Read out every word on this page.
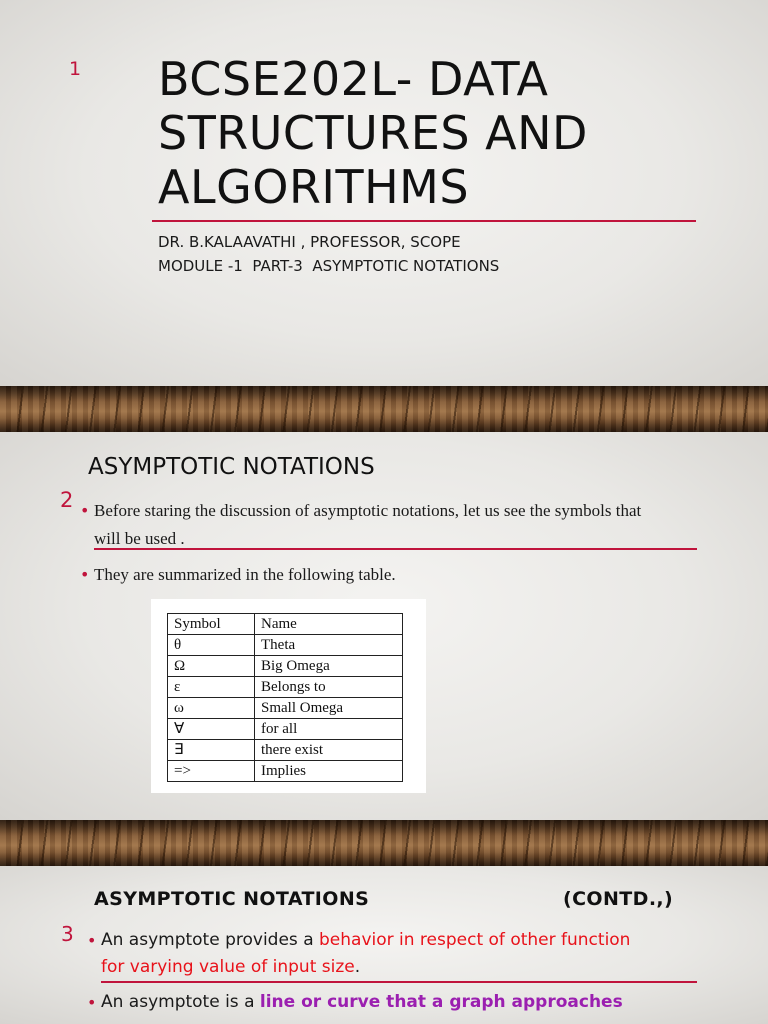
1 BCSE202L- DATA
STRUCTURES AND
ALGORITHMS
DR. B.KALAAVATHI , PROFESSOR, SCOPE
MODULE -1  PART-3  ASYMPTOTIC NOTATIONS
2
ASYMPTOTIC NOTATIONS
• Before staring the discussion of asymptotic notations, let us see the symbols that
will be used .
• They are summarized in the following table.
Symbol	Name
θ	Theta
Ω	Big Omega
ε	Belongs to
ω	Small Omega
∀	for all
∃	there exist
=>	Implies
3
ASYMPTOTIC NOTATIONS	(CONTD.,)
• An asymptote provides a behavior in respect of other function
for varying value of input size.
• An asymptote is a line or curve that a graph approaches
